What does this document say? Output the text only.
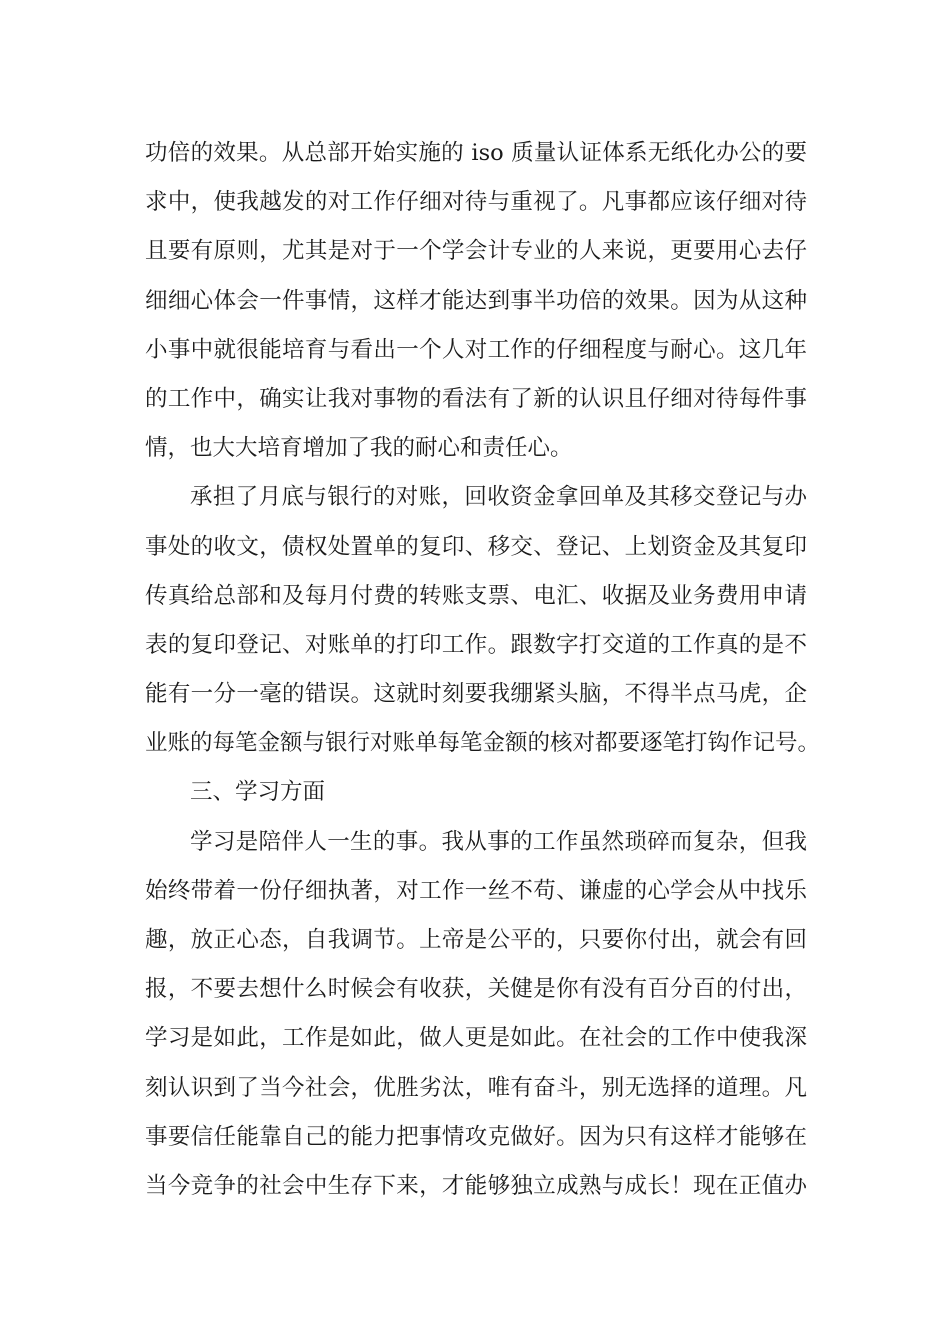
功倍的效果。从总部开始实施的 iso 质量认证体系无纸化办公的要
求中，使我越发的对工作仔细对待与重视了。凡事都应该仔细对待
且要有原则，尤其是对于一个学会计专业的人来说，更要用心去仔
细细心体会一件事情，这样才能达到事半功倍的效果。因为从这种
小事中就很能培育与看出一个人对工作的仔细程度与耐心。这几年
的工作中，确实让我对事物的看法有了新的认识且仔细对待每件事
情，也大大培育增加了我的耐心和责任心。
承担了月底与银行的对账，回收资金拿回单及其移交登记与办
事处的收文，债权处置单的复印、移交、登记、上划资金及其复印
传真给总部和及每月付费的转账支票、电汇、收据及业务费用申请
表的复印登记、对账单的打印工作。跟数字打交道的工作真的是不
能有一分一毫的错误。这就时刻要我绷紧头脑，不得半点马虎，企
业账的每笔金额与银行对账单每笔金额的核对都要逐笔打钩作记号。
三、学习方面
学习是陪伴人一生的事。我从事的工作虽然琐碎而复杂，但我
始终带着一份仔细执著，对工作一丝不苟、谦虚的心学会从中找乐
趣，放正心态，自我调节。上帝是公平的，只要你付出，就会有回
报，不要去想什么时候会有收获，关健是你有没有百分百的付出，
学习是如此，工作是如此，做人更是如此。在社会的工作中使我深
刻认识到了当今社会，优胜劣汰，唯有奋斗，别无选择的道理。凡
事要信任能靠自己的能力把事情攻克做好。因为只有这样才能够在
当今竞争的社会中生存下来，才能够独立成熟与成长！现在正值办
